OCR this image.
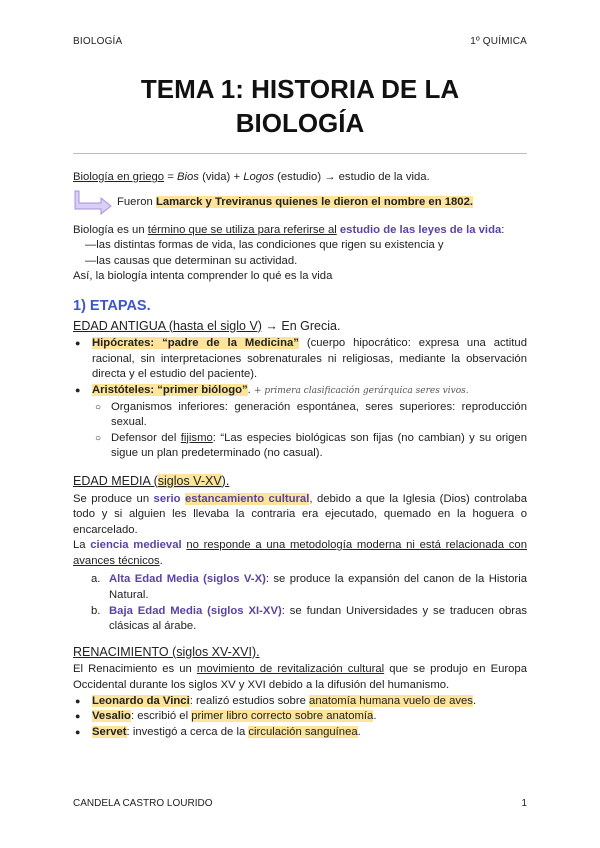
BIOLOGÍA	1º QUÍMICA
TEMA 1: HISTORIA DE LA
BIOLOGÍA

Biología en griego = Bios (vida) + Logos (estudio) → estudio de la vida.

Fueron Lamarck y Treviranus quienes le dieron el nombre en 1802.

Biología es un término que se utiliza para referirse al estudio de las leyes de la vida:

—las distintas formas de vida, las condiciones que rigen su existencia y

—las causas que determinan su actividad.

Así, la biología intenta comprender lo qué es la vida

1) ETAPAS.
EDAD ANTIGUA (hasta el siglo V) → En Grecia.
● Hipócrates: “padre de la Medicina” (cuerpo hipocrático: expresa una actitud racional, sin interpretaciones sobrenaturales ni religiosas, mediante la observación directa y el estudio del paciente).
● Aristóteles: “primer biólogo”. + primera clasificación gerárquica seres vivos.
○ Organismos inferiores: generación espontánea, seres superiores: reproducción sexual.
○ Defensor del fijismo: “Las especies biológicas son fijas (no cambian) y su origen sigue un plan predeterminado (no casual).
EDAD MEDIA (siglos V-XV).

Se produce un serio estancamiento cultural, debido a que la Iglesia (Dios) controlaba todo y si alguien les llevaba la contraria era ejecutado, quemado en la hoguera o encarcelado.

La ciencia medieval no responde a una metodología moderna ni está relacionada con avances técnicos.

a. Alta Edad Media (siglos V-X): se produce la expansión del canon de la Historia Natural.
b. Baja Edad Media (siglos XI-XV): se fundan Universidades y se traducen obras clásicas al árabe.
RENACIMIENTO (siglos XV-XVI).

El Renacimiento es un movimiento de revitalización cultural que se produjo en Europa Occidental durante los siglos XV y XVI debido a la difusión del humanismo.

● Leonardo da Vinci: realizó estudios sobre anatomía humana vuelo de aves.
● Vesalio: escribió el primer libro correcto sobre anatomía.
● Servet: investigó a cerca de la circulación sanguínea.
CANDELA CASTRO LOURIDO	1
